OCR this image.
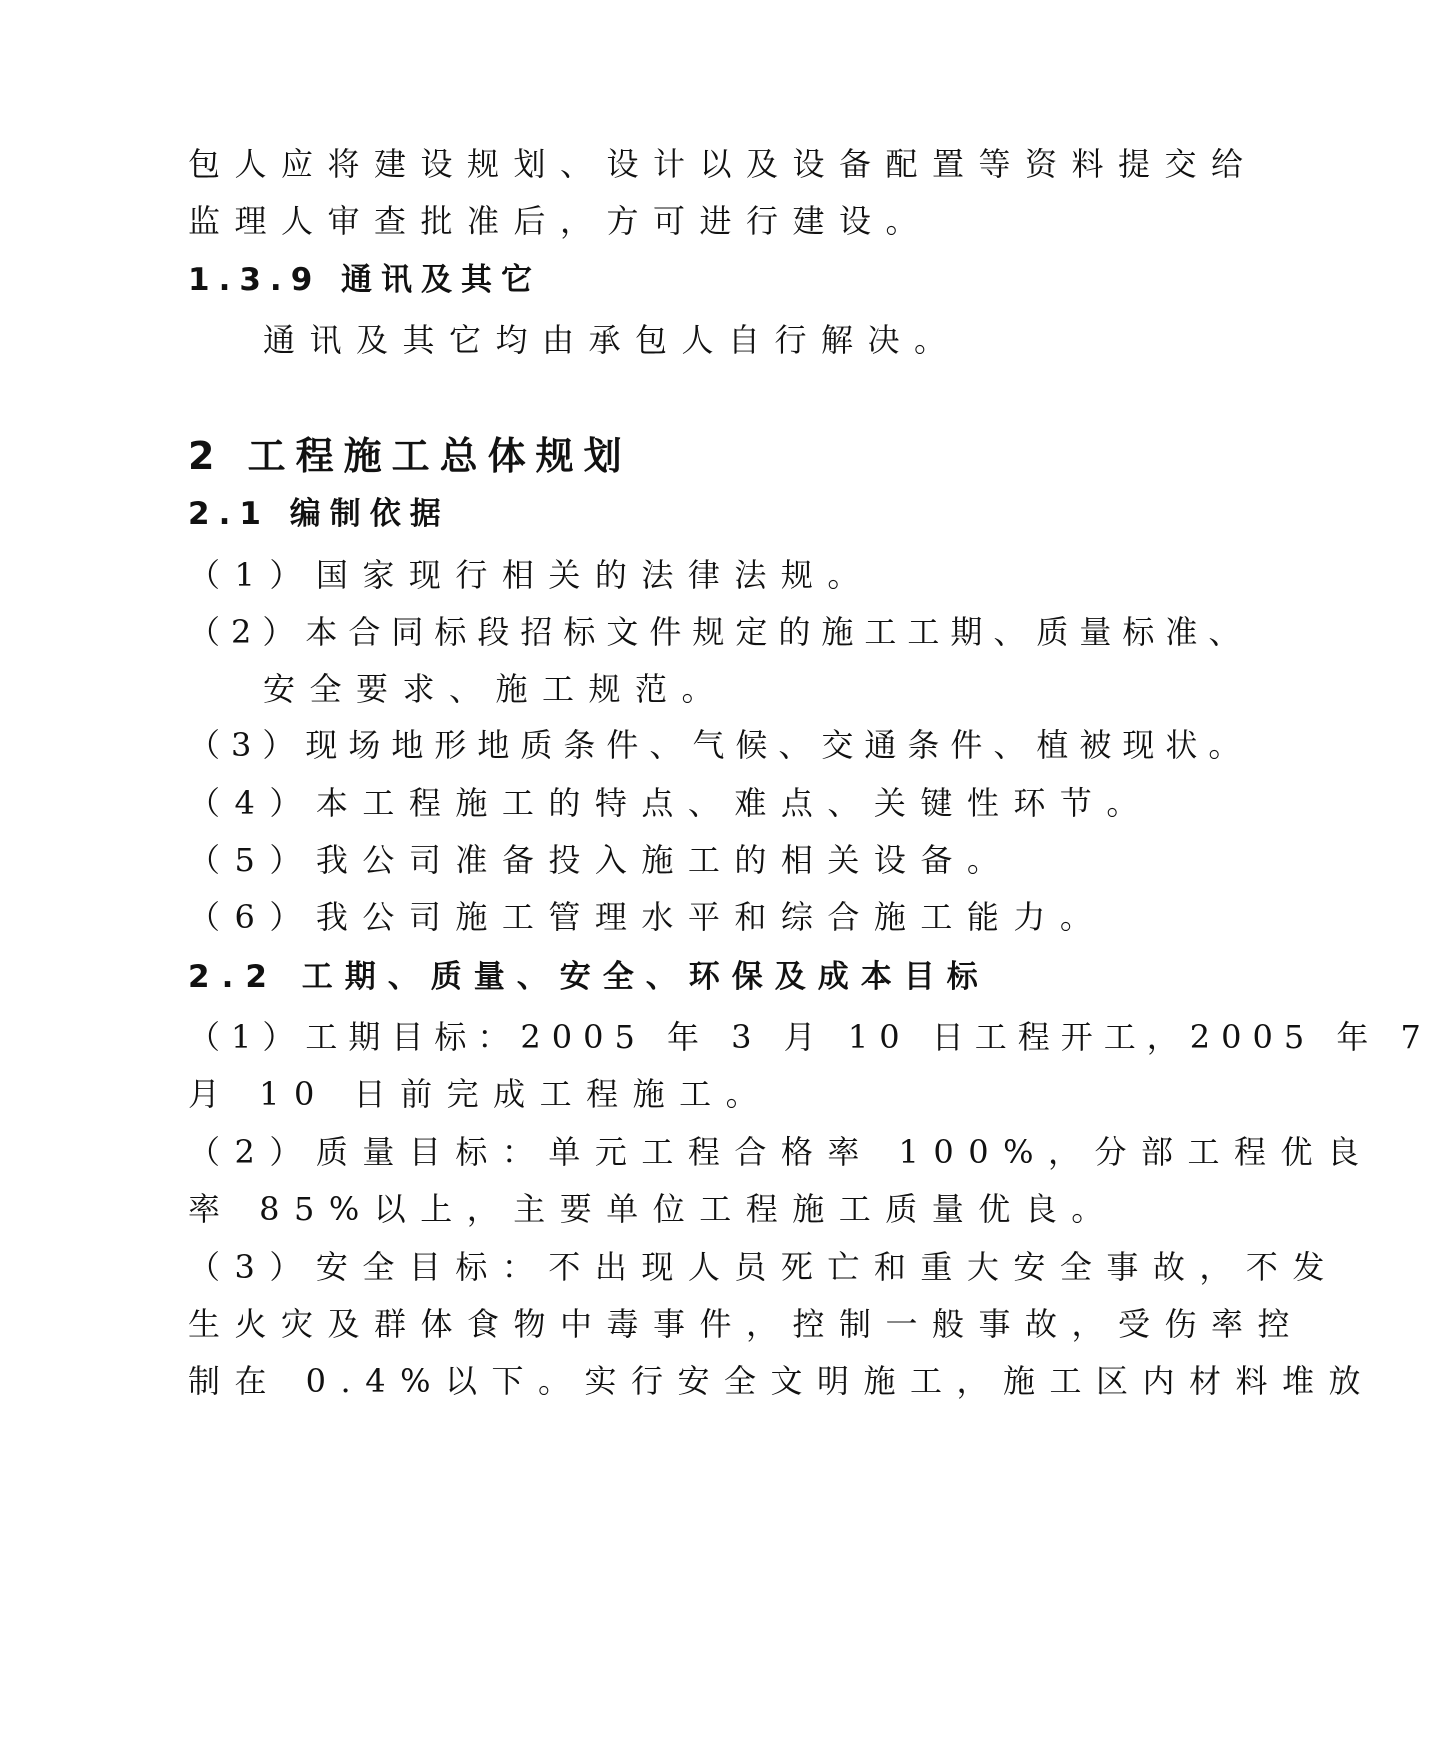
包人应将建设规划、设计以及设备配置等资料提交给
监理人审查批准后，方可进行建设。
1.3.9 通讯及其它
通讯及其它均由承包人自行解决。
2 工程施工总体规划
2.1 编制依据
（1）国家现行相关的法律法规。
（2）本合同标段招标文件规定的施工工期、质量标准、
安全要求、施工规范。
（3）现场地形地质条件、气候、交通条件、植被现状。
（4）本工程施工的特点、难点、关键性环节。
（5）我公司准备投入施工的相关设备。
（6）我公司施工管理水平和综合施工能力。
2.2 工期、质量、安全、环保及成本目标
（1）工期目标：2005 年 3 月 10 日工程开工，2005 年 7
月 10 日前完成工程施工。
（2）质量目标：单元工程合格率 100%，分部工程优良
率 85%以上，主要单位工程施工质量优良。
（3）安全目标：不出现人员死亡和重大安全事故，不发
生火灾及群体食物中毒事件，控制一般事故，受伤率控
制在 0.4%以下。实行安全文明施工，施工区内材料堆放
